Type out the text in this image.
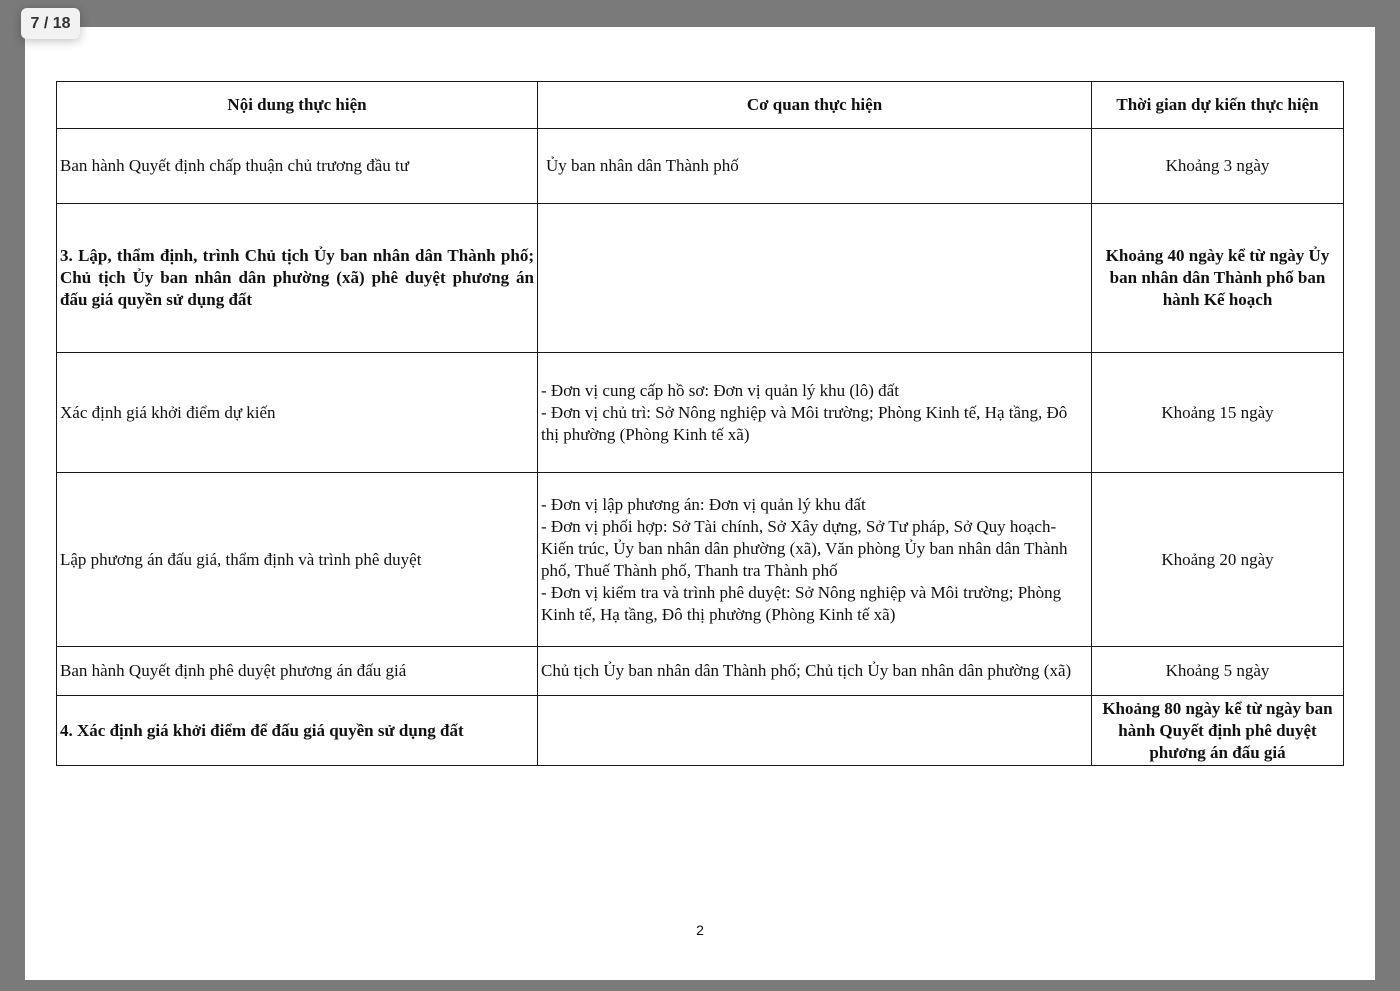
7 / 18
Nội dung thực hiện	Cơ quan thực hiện	Thời gian dự kiến thực hiện
Ban hành Quyết định chấp thuận chủ trương đầu tư	Ủy ban nhân dân Thành phố	Khoảng 3 ngày
3. Lập, thẩm định, trình Chủ tịch Ủy ban nhân dân Thành phố; Chủ tịch Ủy ban nhân dân phường (xã) phê duyệt phương án đấu giá quyền sử dụng đất		Khoảng 40 ngày kể từ ngày Ủy ban nhân dân Thành phố ban hành Kế hoạch
Xác định giá khởi điểm dự kiến	- Đơn vị cung cấp hồ sơ: Đơn vị quản lý khu (lô) đất
- Đơn vị chủ trì: Sở Nông nghiệp và Môi trường; Phòng Kinh tế, Hạ tầng, Đô thị phường (Phòng Kinh tế xã)	Khoảng 15 ngày
Lập phương án đấu giá, thẩm định và trình phê duyệt	- Đơn vị lập phương án: Đơn vị quản lý khu đất
- Đơn vị phối hợp: Sở Tài chính, Sở Xây dựng, Sở Tư pháp, Sở Quy hoạch-Kiến trúc, Ủy ban nhân dân phường (xã), Văn phòng Ủy ban nhân dân Thành phố, Thuế Thành phố, Thanh tra Thành phố
- Đơn vị kiểm tra và trình phê duyệt: Sở Nông nghiệp và Môi trường; Phòng Kinh tế, Hạ tầng, Đô thị phường (Phòng Kinh tế xã)	Khoảng 20 ngày
Ban hành Quyết định phê duyệt phương án đấu giá	Chủ tịch Ủy ban nhân dân Thành phố; Chủ tịch Ủy ban nhân dân phường (xã)	Khoảng 5 ngày
4. Xác định giá khởi điểm để đấu giá quyền sử dụng đất		Khoảng 80 ngày kể từ ngày ban hành Quyết định phê duyệt phương án đấu giá
2
